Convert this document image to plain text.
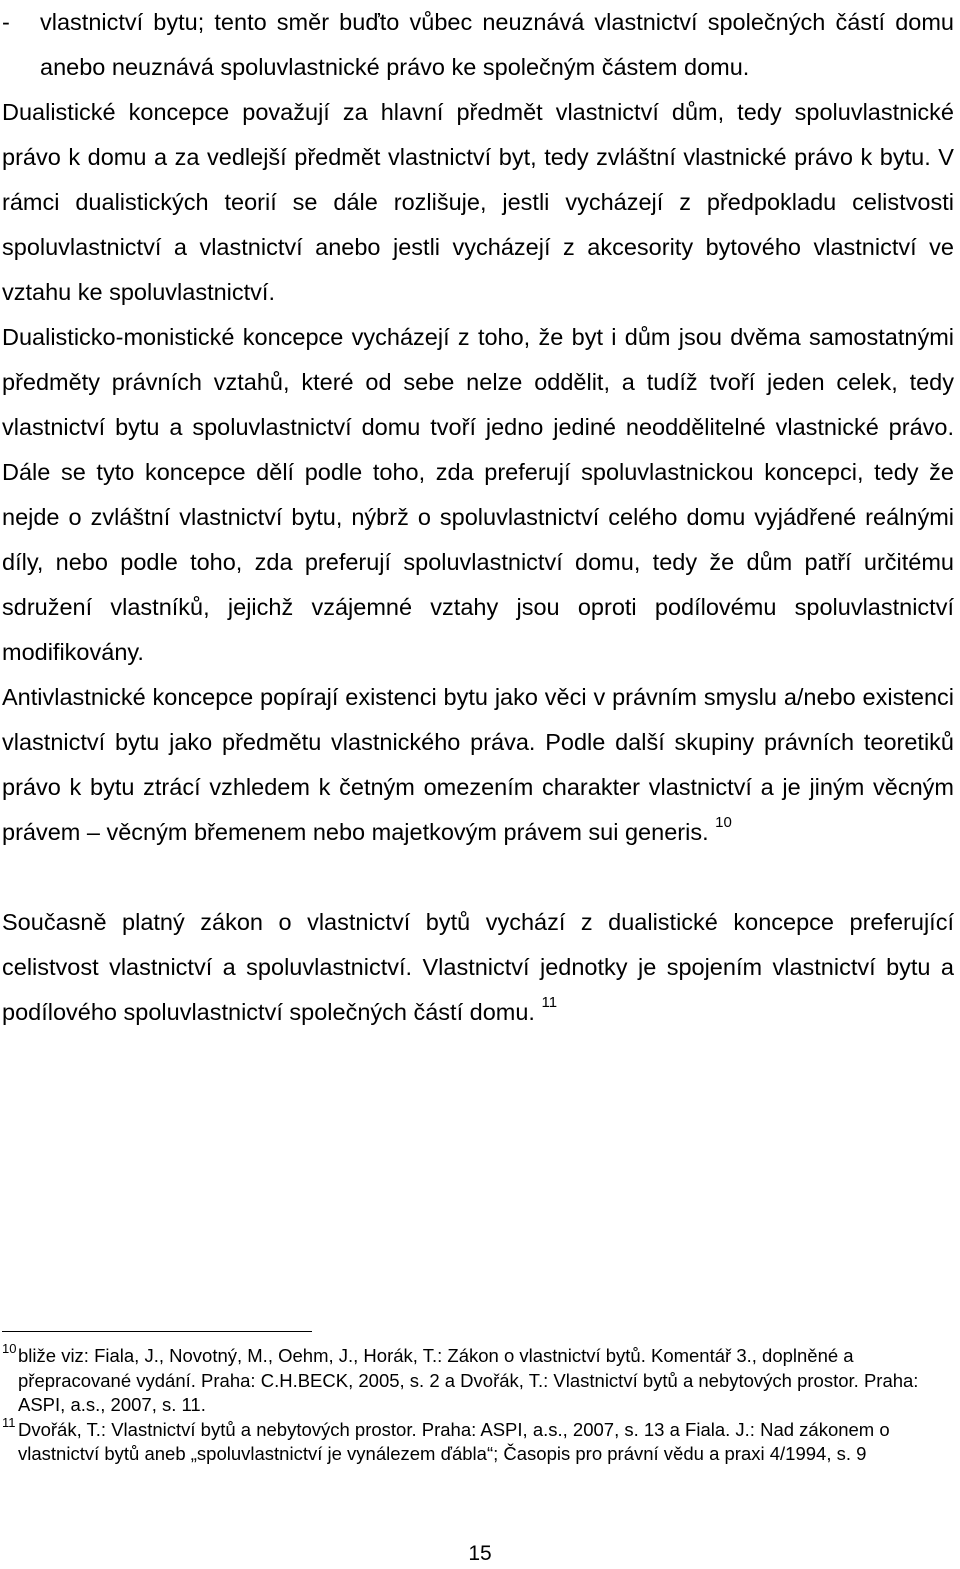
-	vlastnictví bytu; tento směr buďto vůbec neuznává vlastnictví společných částí domu anebo neuznává spoluvlastnické právo ke společným částem domu.

Dualistické koncepce považují za hlavní předmět vlastnictví dům, tedy spoluvlastnické právo k domu a za vedlejší předmět vlastnictví byt, tedy zvláštní vlastnické právo k bytu. V rámci dualistických teorií se dále rozlišuje, jestli vycházejí z předpokladu celistvosti spoluvlastnictví a vlastnictví anebo jestli vycházejí z akcesority bytového vlastnictví ve vztahu ke spoluvlastnictví.

Dualisticko-monistické koncepce vycházejí z toho, že byt i dům jsou dvěma samostatnými předměty právních vztahů, které od sebe nelze oddělit, a tudíž tvoří jeden celek, tedy vlastnictví bytu a spoluvlastnictví domu tvoří jedno jediné neoddělitelné vlastnické právo. Dále se tyto koncepce dělí podle toho, zda preferují spoluvlastnickou koncepci, tedy že nejde o zvláštní vlastnictví bytu, nýbrž o spoluvlastnictví celého domu vyjádřené reálnými díly, nebo podle toho, zda preferují spoluvlastnictví domu, tedy že dům patří určitému sdružení vlastníků, jejichž vzájemné vztahy jsou oproti podílovému spoluvlastnictví modifikovány.

Antivlastnické koncepce popírají existenci bytu jako věci v právním smyslu a/nebo existenci vlastnictví bytu jako předmětu vlastnického práva. Podle další skupiny právních teoretiků právo k bytu ztrácí vzhledem k četným omezením charakter vlastnictví a je jiným věcným právem – věcným břemenem nebo majetkovým právem sui generis. $^{10}$

Současně platný zákon o vlastnictví bytů vychází z dualistické koncepce preferující celistvost vlastnictví a spoluvlastnictví. Vlastnictví jednotky je spojením vlastnictví bytu a podílového spoluvlastnictví společných částí domu. $^{11}$

10 bliže viz: Fiala, J., Novotný, M., Oehm, J., Horák, T.: Zákon o vlastnictví bytů. Komentář 3., doplněné a přepracované vydání. Praha: C.H.BECK, 2005, s. 2 a Dvořák, T.: Vlastnictví bytů a nebytových prostor. Praha: ASPI, a.s., 2007, s. 11.
11 Dvořák, T.: Vlastnictví bytů a nebytových prostor. Praha: ASPI, a.s., 2007, s. 13 a Fiala. J.: Nad zákonem o vlastnictví bytů aneb „spoluvlastnictví je vynálezem ďábla“; Časopis pro právní vědu a praxi 4/1994, s. 9
15
